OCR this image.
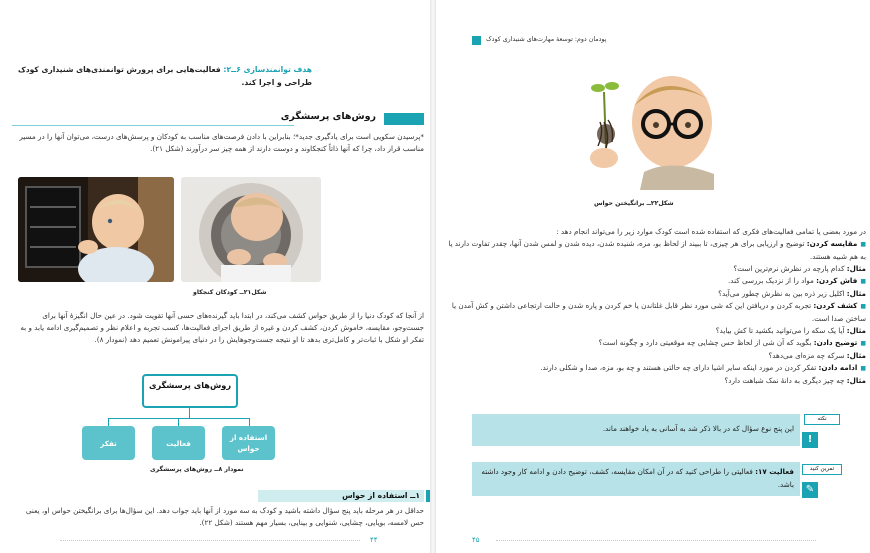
هدف توانمندسازی ۶ــ۲: فعالیت‌هایی برای پرورش توانمندی‌های شنیداری کودک طراحی و اجرا کند.
روش‌های پرسشگری
*پرسیدن سکویی است برای یادگیری جدید*؛ بنابراین با دادن فرصت‌های مناسب به کودکان و پرسش‌های درست، می‌توان آنها را در مسیر مناسب قرار داد، چرا که آنها ذاتاً کنجکاوند و دوست دارند از همه چیز سر درآورند (شکل ۲۱).
شکل۲۱ــ کودکان کنجکاو
از آنجا که کودک دنیا را از طریق حواس کشف می‌کند، در ابتدا باید گیرنده‌های حسی آنها تقویت شود. در عین حال انگیزهٔ آنها برای جست‌وجو، مقایسه، خاموش کردن، کشف کردن و غیره از طریق اجرای فعالیت‌ها، کسب تجربه و اعلام نظر و تصمیم‌گیری ادامه یابد و به تفکر او شکل با ثبات‌تر و کامل‌تری بدهد تا او نتیجه جست‌وجوهایش را در دنیای پیرامونش تعمیم دهد (نمودار ۸).
روش‌های پرسشگری
استفاده از حواس
فعالیت
تفکر
نمودار ۸ــ روش‌های پرسشگری
۱ــ استفاده از حواس
حداقل در هر مرحله باید پنج سؤال داشته باشید و کودک به سه مورد از آنها باید جواب دهد. این سؤال‌ها برای برانگیختن حواس او، یعنی حس لامسه، بویایی، چشایی، شنوایی و بینایی، بسیار مهم هستند (شکل ۲۲).
۴۴
پودمان دوم: توسعهٔ مهارت‌های شنیداری کودک
شکل۲۲ــ برانگیختن حواس
در مورد بعضی یا تمامی فعالیت‌های فکری که استفاده شده است کودک موارد زیر را می‌تواند انجام دهد :
■ مقایسه کردن: توضیح و ارزیابی برای هر چیزی، تا ببیند از لحاظ بو، مزه، شنیده شدن، دیده شدن و لمس شدن آنها، چقدر تفاوت دارند یا به هم شبیه هستند.
مثال: کدام پارچه در نظرش نرم‌ترین است؟
■ فاش کردن: مواد را از نزدیک بررسی کند.
مثال: اکلیل زیر ذره بین به نظرش چطور می‌آید؟
■ کشف کردن: تجربه کردن و دریافتن این که شی مورد نظر قابل غلتاندن یا خم کردن و پاره شدن و حالت ارتجاعی داشتن و کش آمدن یا ساختن صدا است.
مثال: آیا یک سکه را می‌توانید بکشید تا کش بیاید؟
■ توضیح دادن: بگوید که آن شی از لحاظ حس چشایی چه موقعیتی دارد و چگونه است؟
مثال: سرکه چه مزه‌ای می‌دهد؟
■ ادامه دادن: تفکر کردن در مورد اینکه سایر اشیا دارای چه حالتی هستند و چه بو، مزه، صدا و شکلی دارند.
مثال: چه چیز دیگری به دانهٔ نمک شباهت دارد؟
این پنج نوع سؤال که در بالا ذکر شد به آسانی به یاد خواهند ماند.
نکته
!
فعالیت ۱۷: فعالیتی را طراحی کنید که در آن امکان مقایسه، کشف، توضیح دادن و ادامه کار وجود داشته باشد.
تمرین کنید
✎
۴۵
